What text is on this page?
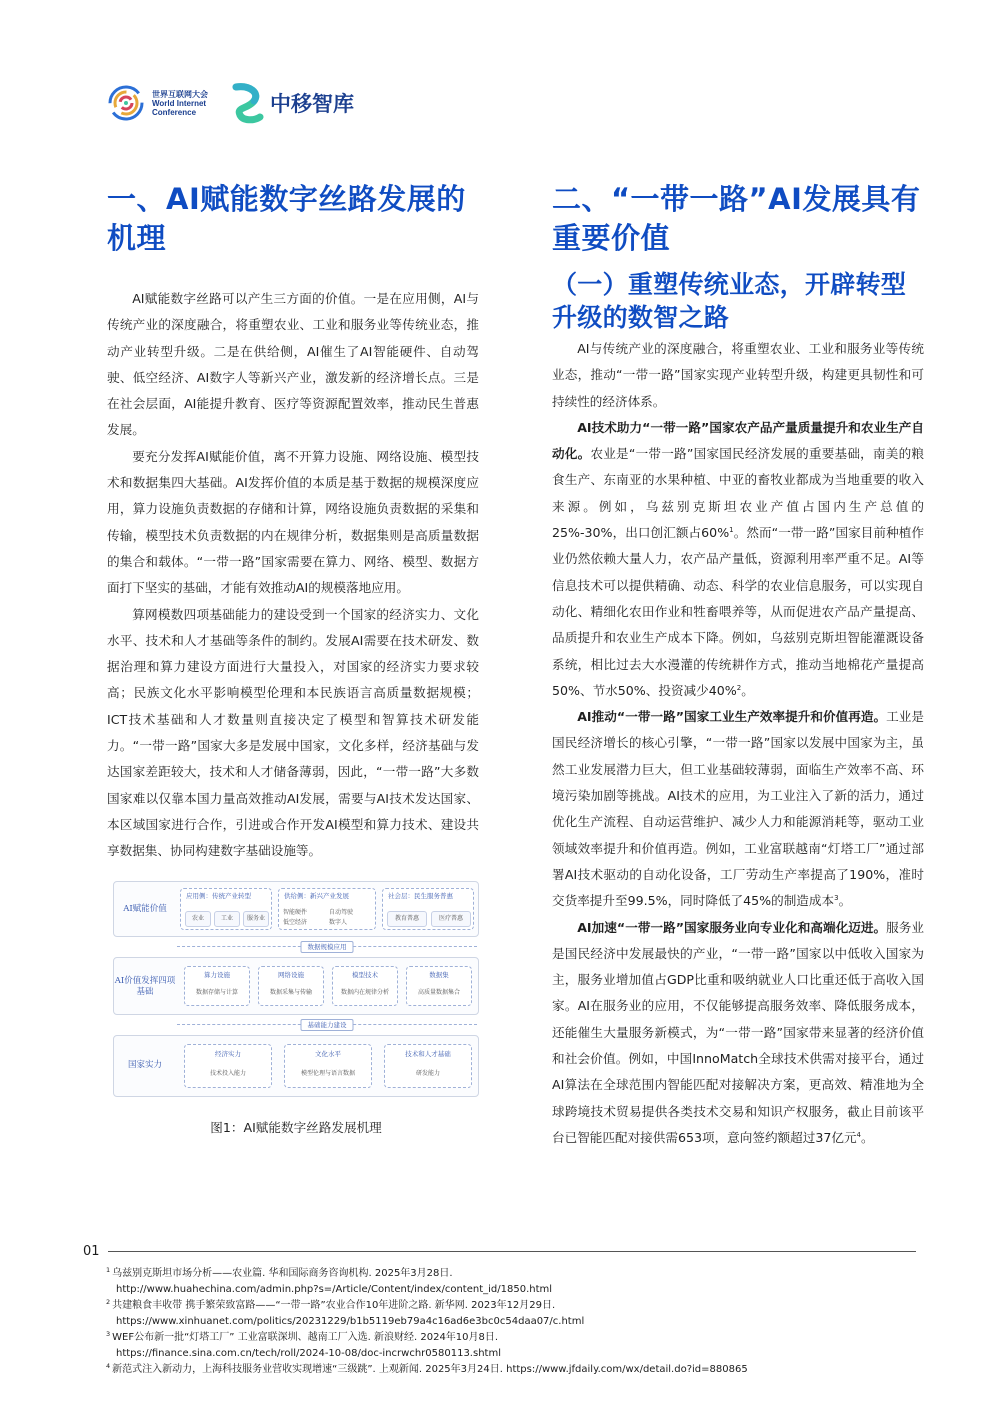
世界互联网大会
World Internet
Conference	中移智库
一、AI赋能数字丝路发展的机理

AI赋能数字丝路可以产生三方面的价值。一是在应用侧，AI与传统产业的深度融合，将重塑农业、工业和服务业等传统业态，推动产业转型升级。二是在供给侧，AI催生了AI智能硬件、自动驾驶、低空经济、AI数字人等新兴产业，激发新的经济增长点。三是在社会层面，AI能提升教育、医疗等资源配置效率，推动民生普惠发展。

要充分发挥AI赋能价值，离不开算力设施、网络设施、模型技术和数据集四大基础。AI发挥价值的本质是基于数据的规模深度应用，算力设施负责数据的存储和计算，网络设施负责数据的采集和传输，模型技术负责数据的内在规律分析，数据集则是高质量数据的集合和载体。“一带一路”国家需要在算力、网络、模型、数据方面打下坚实的基础，才能有效推动AI的规模落地应用。

算网模数四项基础能力的建设受到一个国家的经济实力、文化水平、技术和人才基础等条件的制约。发展AI需要在技术研发、数据治理和算力建设方面进行大量投入，对国家的经济实力要求较高；民族文化水平影响模型伦理和本民族语言高质量数据规模；ICT技术基础和人才数量则直接决定了模型和智算技术研发能力。“一带一路”国家大多是发展中国家，文化多样，经济基础与发达国家差距较大，技术和人才储备薄弱，因此，“一带一路”大多数国家难以仅靠本国力量高效推动AI发展，需要与AI技术发达国家、本区域国家进行合作，引进或合作开发AI模型和算力技术、建设共享数据集、协同构建数字基础设施等。

AI赋能价值
应用侧：传统产业转型
农业	工业	服务业
供给侧：新兴产业发展
智能硬件	自动驾驶
低空经济	数字人
社会层：民生服务普惠
教育普惠	医疗普惠
数据规模应用
AI价值发挥四项基础
算力设施
数据存储与计算
网络设施
数据采集与传输
模型技术
数据内在规律分析
数据集
高质量数据集合
基础能力建设
国家实力
经济实力
技术投入能力
文化水平
模型伦理与语言数据
技术和人才基础
研发能力
图1：AI赋能数字丝路发展机理
二、“一带一路”AI发展具有重要价值
（一）重塑传统业态，开辟转型升级的数智之路

AI与传统产业的深度融合，将重塑农业、工业和服务业等传统业态，推动“一带一路”国家实现产业转型升级，构建更具韧性和可持续性的经济体系。

AI技术助力“一带一路”国家农产品产量质量提升和农业生产自动化。农业是“一带一路”国家国民经济发展的重要基础，南美的粮食生产、东南亚的水果种植、中亚的畜牧业都成为当地重要的收入来源。例如，乌兹别克斯坦农业产值占国内生产总值的25%-30%，出口创汇额占60%$^1$。然而“一带一路”国家目前种植作业仍然依赖大量人力，农产品产量低，资源利用率严重不足。AI等信息技术可以提供精确、动态、科学的农业信息服务，可以实现自动化、精细化农田作业和牲畜喂养等，从而促进农产品产量提高、品质提升和农业生产成本下降。例如，乌兹别克斯坦智能灌溉设备系统，相比过去大水漫灌的传统耕作方式，推动当地棉花产量提高50%、节水50%、投资减少40%$^2$。

AI推动“一带一路”国家工业生产效率提升和价值再造。工业是国民经济增长的核心引擎，“一带一路”国家以发展中国家为主，虽然工业发展潜力巨大，但工业基础较薄弱，面临生产效率不高、环境污染加剧等挑战。AI技术的应用，为工业注入了新的活力，通过优化生产流程、自动运营维护、减少人力和能源消耗等，驱动工业领域效率提升和价值再造。例如，工业富联越南“灯塔工厂”通过部署AI技术驱动的自动化设备，工厂劳动生产率提高了190%，准时交货率提升至99.5%，同时降低了45%的制造成本$^3$。

AI加速“一带一路”国家服务业向专业化和高端化迈进。服务业是国民经济中发展最快的产业，“一带一路”国家以中低收入国家为主，服务业增加值占GDP比重和吸纳就业人口比重还低于高收入国家。AI在服务业的应用，不仅能够提高服务效率、降低服务成本，还能催生大量服务新模式，为“一带一路”国家带来显著的经济价值和社会价值。例如，中国InnoMatch全球技术供需对接平台，通过AI算法在全球范围内智能匹配对接解决方案，更高效、精准地为全球跨境技术贸易提供各类技术交易和知识产权服务，截止目前该平台已智能匹配对接供需653项，意向签约额超过37亿元$^4$。

01
$^1$ 乌兹别克斯坦市场分析——农业篇. 华和国际商务咨询机构. 2025年3月28日.
http://www.huahechina.com/admin.php?s=/Article/Content/index/content_id/1850.html
$^2$ 共建粮食丰收带 携手繁荣致富路——“一带一路”农业合作10年进阶之路. 新华网. 2023年12月29日.
https://www.xinhuanet.com/politics/20231229/b1b5119eb79a4c16ad6e3bc0c54daa07/c.html
$^3$ WEF公布新一批“灯塔工厂” 工业富联深圳、越南工厂入选. 新浪财经. 2024年10月8日.
https://finance.sina.com.cn/tech/roll/2024-10-08/doc-incrwchr0580113.shtml
$^4$ 新范式注入新动力，上海科技服务业营收实现增速“三级跳”. 上观新闻. 2025年3月24日. https://www.jfdaily.com/wx/detail.do?id=880865
